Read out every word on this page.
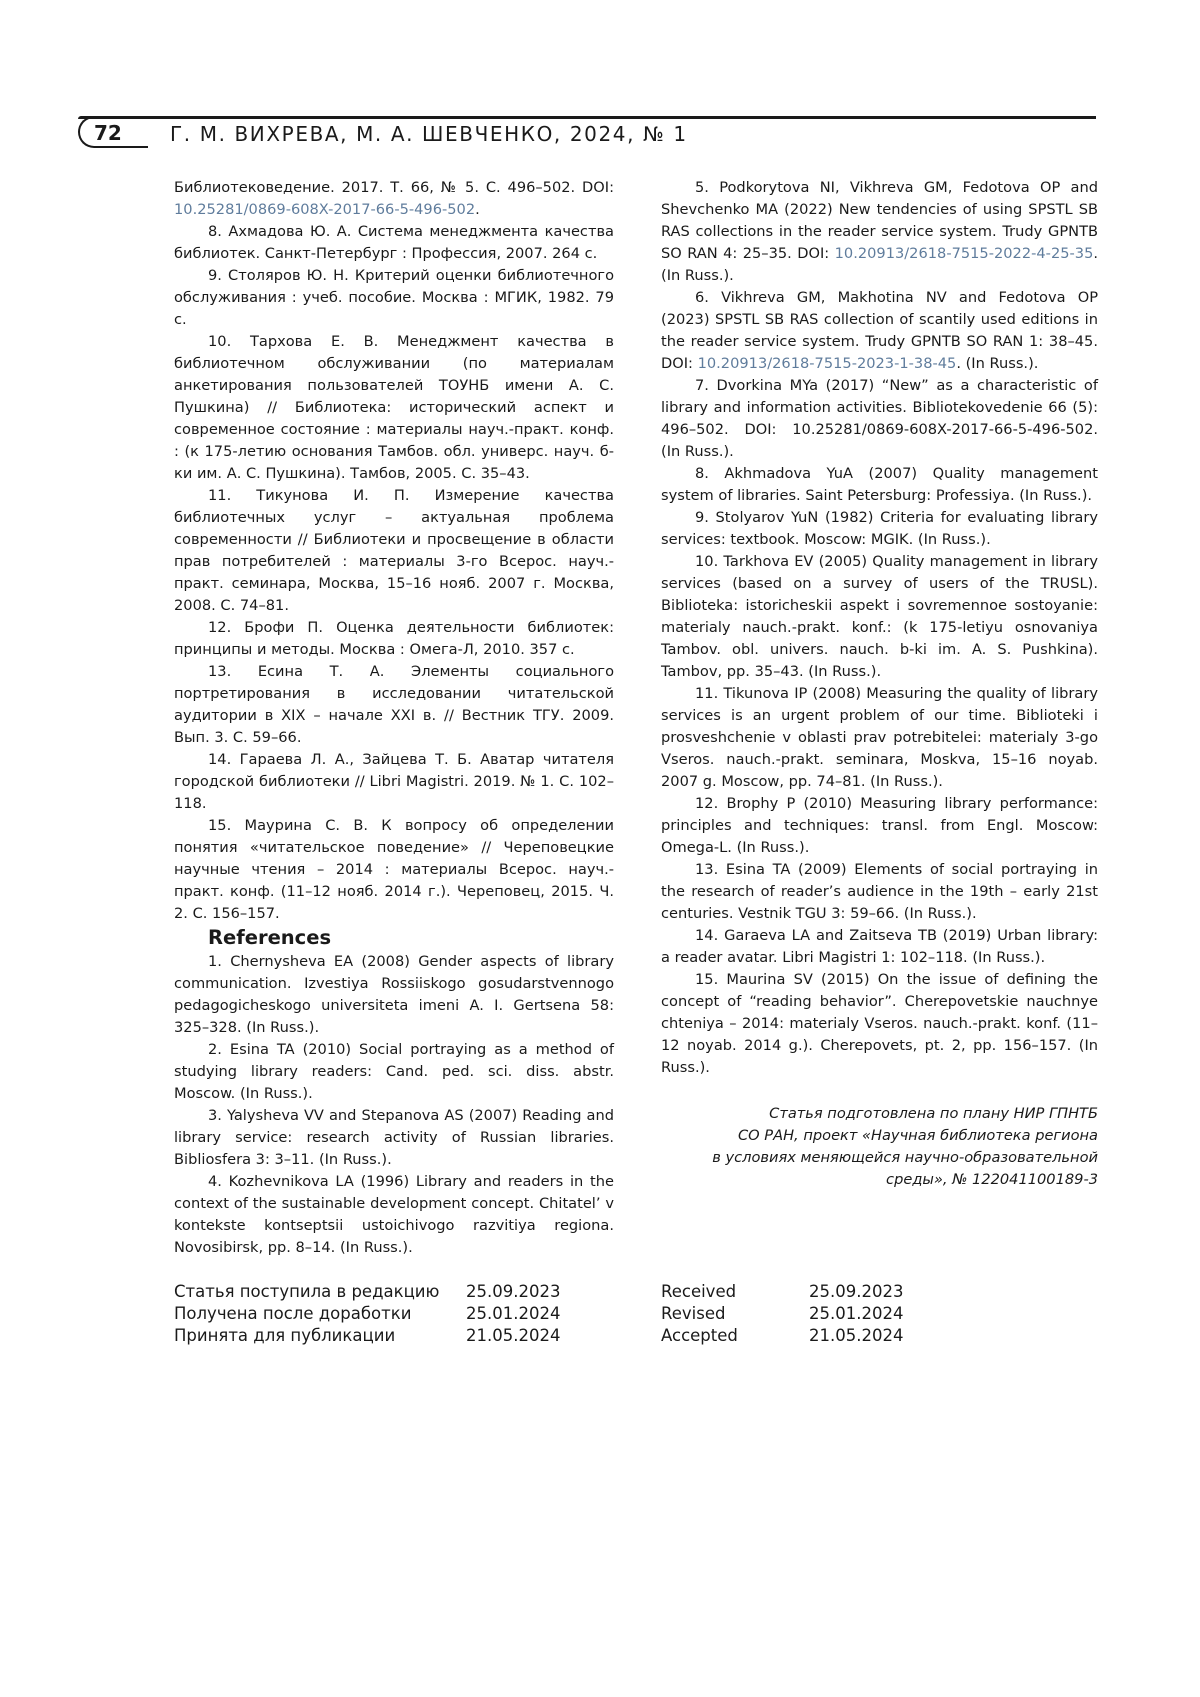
72 Г. М. ВИХРЕВА, М. А. ШЕВЧЕНКО, 2024, № 1

Библиотековедение. 2017. Т. 66, № 5. С. 496–502. DOI: 10.25281/0869-608X-2017-66-5-496-502.

8. Ахмадова Ю. А. Система менеджмента качества библиотек. Санкт-Петербург : Профессия, 2007. 264 с.

9. Столяров Ю. Н. Критерий оценки библиотечного обслуживания : учеб. пособие. Москва : МГИК, 1982. 79 с.

10. Тархова Е. В. Менеджмент качества в библиотечном обслуживании (по материалам анкетирования пользователей ТОУНБ имени А. С. Пушкина) // Библиотека: исторический аспект и современное состояние : материалы науч.-практ. конф. : (к 175-летию основания Тамбов. обл. универс. науч. б-ки им. А. С. Пушкина). Тамбов, 2005. С. 35–43.

11. Тикунова И. П. Измерение качества библиотечных услуг – актуальная проблема современности // Библиотеки и просвещение в области прав потребителей : материалы 3-го Всерос. науч.-практ. семинара, Москва, 15–16 нояб. 2007 г. Москва, 2008. С. 74–81.

12. Брофи П. Оценка деятельности библиотек: принципы и методы. Москва : Омега-Л, 2010. 357 с.

13. Есина Т. А. Элементы социального портретирования в исследовании читательской аудитории в XIX – начале XXI в. // Вестник ТГУ. 2009. Вып. 3. С. 59–66.

14. Гараева Л. А., Зайцева Т. Б. Аватар читателя городской библиотеки // Libri Magistri. 2019. № 1. С. 102–118.

15. Маурина С. В. К вопросу об определении понятия «читательское поведение» // Череповецкие научные чтения – 2014 : материалы Всерос. науч.-практ. конф. (11–12 нояб. 2014 г.). Череповец, 2015. Ч. 2. С. 156–157.

References

1. Chernysheva EA (2008) Gender aspects of library communication. Izvestiya Rossiiskogo gosudarstvennogo pedagogicheskogo universiteta imeni A. I. Gertsena 58: 325–328. (In Russ.).

2. Esina TA (2010) Social portraying as a method of studying library readers: Cand. ped. sci. diss. abstr. Moscow. (In Russ.).

3. Yalysheva VV and Stepanova AS (2007) Reading and library service: research activity of Russian libraries. Bibliosfera 3: 3–11. (In Russ.).

4. Kozhevnikova LA (1996) Library and readers in the context of the sustainable development concept. Chitatel’ v kontekste kontseptsii ustoichivogo razvitiya regiona. Novosibirsk, pp. 8–14. (In Russ.).

5. Podkorytova NI, Vikhreva GM, Fedotova OP and Shevchenko MA (2022) New tendencies of using SPSTL SB RAS collections in the reader service system. Trudy GPNTB SO RAN 4: 25–35. DOI: 10.20913/2618-7515-2022-4-25-35. (In Russ.).

6. Vikhreva GM, Makhotina NV and Fedotova OP (2023) SPSTL SB RAS collection of scantily used editions in the reader service system. Trudy GPNTB SO RAN 1: 38–45. DOI: 10.20913/2618-7515-2023-1-38-45. (In Russ.).

7. Dvorkina MYa (2017) “New” as a characteristic of library and information activities. Bibliotekovedenie 66 (5): 496–502. DOI: 10.25281/0869-608X-2017-66-5-496-502. (In Russ.).

8. Akhmadova YuA (2007) Quality management system of libraries. Saint Petersburg: Professiya. (In Russ.).

9. Stolyarov YuN (1982) Criteria for evaluating library services: textbook. Moscow: MGIK. (In Russ.).

10. Tarkhova EV (2005) Quality management in library services (based on a survey of users of the TRUSL). Biblioteka: istoricheskii aspekt i sovremennoe sostoyanie: materialy nauch.-prakt. konf.: (k 175-letiyu osnovaniya Tambov. obl. univers. nauch. b-ki im. A. S. Pushkina). Tambov, pp. 35–43. (In Russ.).

11. Tikunova IP (2008) Measuring the quality of library services is an urgent problem of our time. Biblioteki i prosveshchenie v oblasti prav potrebitelei: materialy 3-go Vseros. nauch.-prakt. seminara, Moskva, 15–16 noyab. 2007 g. Moscow, pp. 74–81. (In Russ.).

12. Brophy P (2010) Measuring library performance: principles and techniques: transl. from Engl. Moscow: Omega-L. (In Russ.).

13. Esina TA (2009) Elements of social portraying in the research of reader’s audience in the 19th – early 21st centuries. Vestnik TGU 3: 59–66. (In Russ.).

14. Garaeva LA and Zaitseva TB (2019) Urban library: a reader avatar. Libri Magistri 1: 102–118. (In Russ.).

15. Maurina SV (2015) On the issue of defining the concept of “reading behavior”. Cherepovetskie nauchnye chteniya – 2014: materialy Vseros. nauch.-prakt. konf. (11–12 noyab. 2014 g.). Cherepovets, pt. 2, pp. 156–157. (In Russ.).

Статья подготовлена по плану НИР ГПНТБ
СО РАН, проект «Научная библиотека региона
в условиях меняющейся научно-образовательной
среды», № 122041100189-3
Статья поступила в редакцию	25.09.2023
Получена после доработки	25.01.2024
Принята для публикации	21.05.2024
Received	25.09.2023
Revised	25.01.2024
Accepted	21.05.2024
